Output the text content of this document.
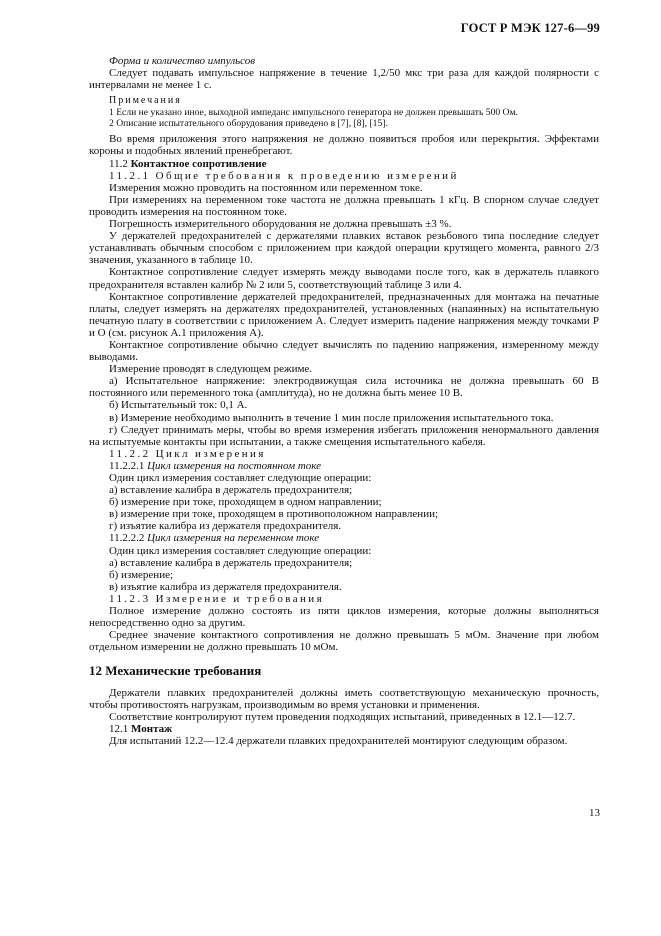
ГОСТ Р МЭК 127-6—99

Форма и количество импульсов

Следует подавать импульсное напряжение в течение 1,2/50 мкс три раза для каждой полярности с интервалами не менее 1 с.

Примечания

1 Если не указано иное, выходной импеданс импульсного генератора не должен превышать 500 Ом.

2 Описание испытательного оборудования приведено в [7], [8], [15].

Во время приложения этого напряжения не должно появиться пробоя или перекрытия. Эффектами короны и подобных явлений пренебрегают.

11.2 Контактное сопротивление

11.2.1 Общие требования к проведению измерений

Измерения можно проводить на постоянном или переменном токе.

При измерениях на переменном токе частота не должна превышать 1 кГц. В спорном случае следует проводить измерения на постоянном токе.

Погрешность измерительного оборудования не должна превышать ±3 %.

У держателей предохранителей с держателями плавких вставок резьбового типа последние следует устанавливать обычным способом с приложением при каждой операции крутящего момента, равного 2/3 значения, указанного в таблице 10.

Контактное сопротивление следует измерять между выводами после того, как в держатель плавкого предохранителя вставлен калибр № 2 или 5, соответствующий таблице 3 или 4.

Контактное сопротивление держателей предохранителей, предназначенных для монтажа на печатные платы, следует измерять на держателях предохранителей, установленных (напаянных) на испытательную печатную плату в соответствии с приложением А. Следует измерить падение напряжения между точками P и O (см. рисунок А.1 приложения А).

Контактное сопротивление обычно следует вычислять по падению напряжения, измеренному между выводами.

Измерение проводят в следующем режиме.

а) Испытательное напряжение: электродвижущая сила источника не должна превышать 60 В постоянного или переменного тока (амплитуда), но не должна быть менее 10 В.

б) Испытательный ток: 0,1 А.

в) Измерение необходимо выполнить в течение 1 мин после приложения испытательного тока.

г) Следует принимать меры, чтобы во время измерения избегать приложения ненормального давления на испытуемые контакты при испытании, а также смещения испытательного кабеля.

11.2.2 Цикл измерения

11.2.2.1 Цикл измерения на постоянном токе

Один цикл измерения составляет следующие операции:

а) вставление калибра в держатель предохранителя;

б) измерение при токе, проходящем в одном направлении;

в) измерение при токе, проходящем в противоположном направлении;

г) изъятие калибра из держателя предохранителя.

11.2.2.2 Цикл измерения на переменном токе

Один цикл измерения составляет следующие операции:

а) вставление калибра в держатель предохранителя;

б) измерение;

в) изъятие калибра из держателя предохранителя.

11.2.3 Измерение и требования

Полное измерение должно состоять из пяти циклов измерения, которые должны выполняться непосредственно одно за другим.

Среднее значение контактного сопротивления не должно превышать 5 мОм. Значение при любом отдельном измерении не должно превышать 10 мОм.

12 Механические требования

Держатели плавких предохранителей должны иметь соответствующую механическую прочность, чтобы противостоять нагрузкам, производимым во время установки и применения.

Соответствие контролируют путем проведения подходящих испытаний, приведенных в 12.1—12.7.

12.1 Монтаж

Для испытаний 12.2—12.4 держатели плавких предохранителей монтируют следующим образом.

13
